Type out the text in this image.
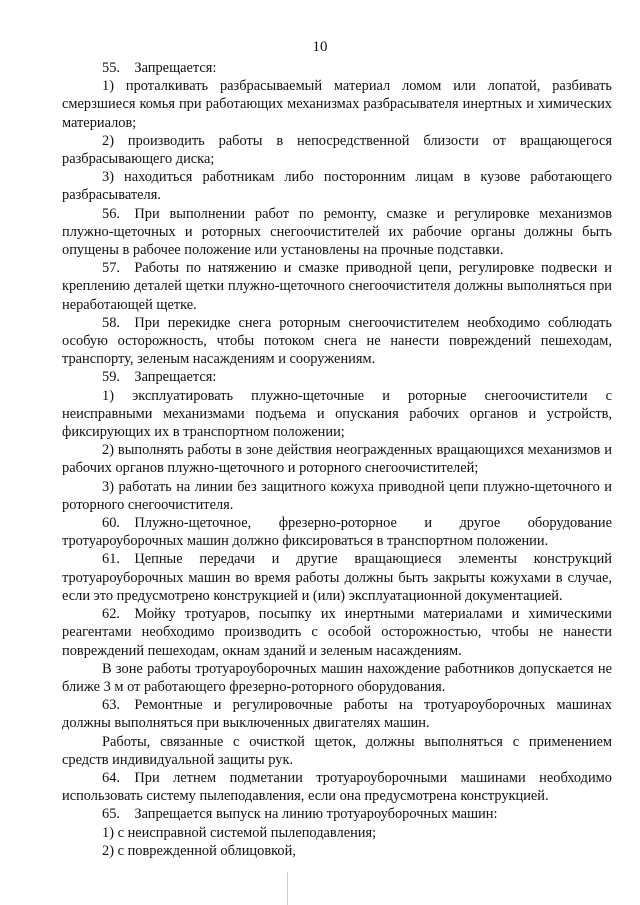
10

55. Запрещается:

1) проталкивать разбрасываемый материал ломом или лопатой, разбивать смерзшиеся комья при работающих механизмах разбрасывателя инертных и химических материалов;

2) производить работы в непосредственной близости от вращающегося разбрасывающего диска;

3) находиться работникам либо посторонним лицам в кузове работающего разбрасывателя.

56. При выполнении работ по ремонту, смазке и регулировке механизмов плужно-щеточных и роторных снегоочистителей их рабочие органы должны быть опущены в рабочее положение или установлены на прочные подставки.

57. Работы по натяжению и смазке приводной цепи, регулировке подвески и креплению деталей щетки плужно-щеточного снегоочистителя должны выполняться при неработающей щетке.

58. При перекидке снега роторным снегоочистителем необходимо соблюдать особую осторожность, чтобы потоком снега не нанести повреждений пешеходам, транспорту, зеленым насаждениям и сооружениям.

59. Запрещается:

1) эксплуатировать плужно-щеточные и роторные снегоочистители с неисправными механизмами подъема и опускания рабочих органов и устройств, фиксирующих их в транспортном положении;

2) выполнять работы в зоне действия неогражденных вращающихся механизмов и рабочих органов плужно-щеточного и роторного снегоочистителей;

3) работать на линии без защитного кожуха приводной цепи плужно-щеточного и роторного снегоочистителя.

60. Плужно-щеточное, фрезерно-роторное и другое оборудование тротуароуборочных машин должно фиксироваться в транспортном положении.

61. Цепные передачи и другие вращающиеся элементы конструкций тротуароуборочных машин во время работы должны быть закрыты кожухами в случае, если это предусмотрено конструкцией и (или) эксплуатационной документацией.

62. Мойку тротуаров, посыпку их инертными материалами и химическими реагентами необходимо производить с особой осторожностью, чтобы не нанести повреждений пешеходам, окнам зданий и зеленым насаждениям.

В зоне работы тротуароуборочных машин нахождение работников допускается не ближе 3 м от работающего фрезерно-роторного оборудования.

63. Ремонтные и регулировочные работы на тротуароуборочных машинах должны выполняться при выключенных двигателях машин.

Работы, связанные с очисткой щеток, должны выполняться с применением средств индивидуальной защиты рук.

64. При летнем подметании тротуароуборочными машинами необходимо использовать систему пылеподавления, если она предусмотрена конструкцией.

65. Запрещается выпуск на линию тротуароуборочных машин:

1) с неисправной системой пылеподавления;

2) с поврежденной облицовкой,
